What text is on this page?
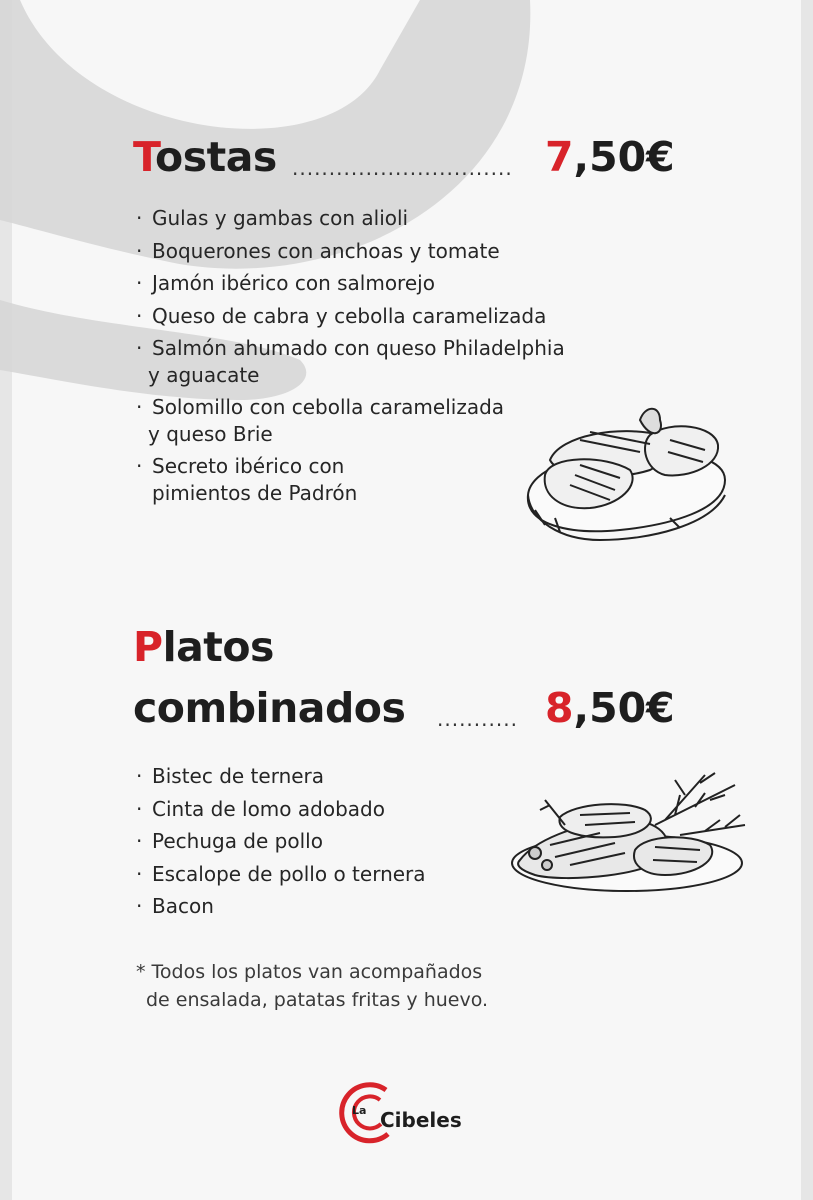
Tostas .............................. 7,50€
· Gulas y gambas con alioli
· Boquerones con anchoas y tomate
· Jamón ibérico con salmorejo
· Queso de cabra y cebolla caramelizada
· Salmón ahumado con queso Philadelphia
y aguacate
· Solomillo con cebolla caramelizada
y queso Brie
· Secreto ibérico con
pimientos de Padrón
Platos
combinados ........... 8,50€
· Bistec de ternera
· Cinta de lomo adobado
· Pechuga de pollo
· Escalope de pollo o ternera
· Bacon
* Todos los platos van acompañados
de ensalada, patatas fritas y huevo.
La Cibeles
